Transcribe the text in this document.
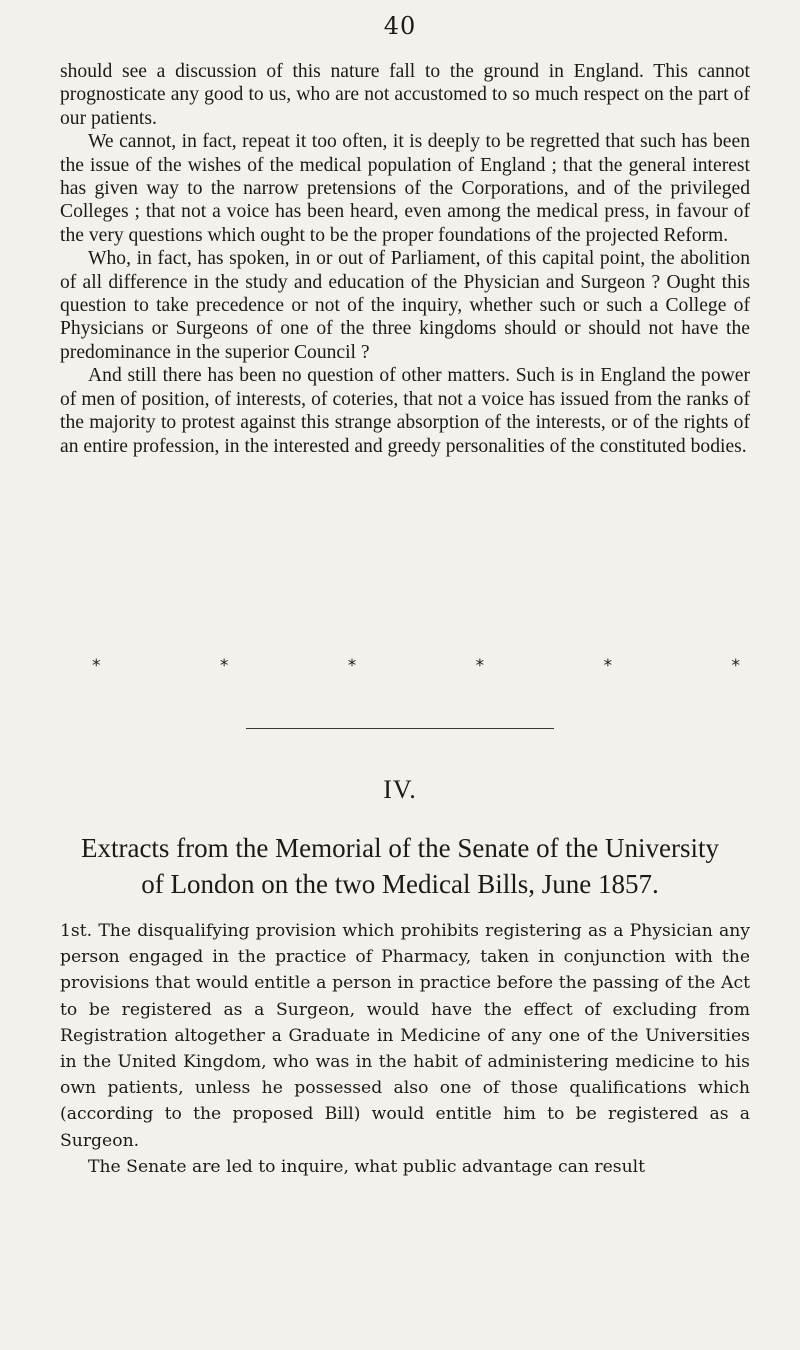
40

should see a discussion of this nature fall to the ground in England. This cannot prognosticate any good to us, who are not accustomed to so much respect on the part of our patients.

We cannot, in fact, repeat it too often, it is deeply to be regretted that such has been the issue of the wishes of the medical population of England ; that the general interest has given way to the narrow pretensions of the Corporations, and of the privileged Colleges ; that not a voice has been heard, even among the medical press, in favour of the very questions which ought to be the proper foundations of the projected Reform.

Who, in fact, has spoken, in or out of Parliament, of this capital point, the abolition of all difference in the study and education of the Physician and Surgeon ? Ought this question to take precedence or not of the inquiry, whether such or such a College of Physicians or Surgeons of one of the three kingdoms should or should not have the predominance in the superior Council ?

And still there has been no question of other matters. Such is in England the power of men of position, of interests, of coteries, that not a voice has issued from the ranks of the majority to protest against this strange absorption of the interests, or of the rights of an entire profession, in the interested and greedy personalities of the constituted bodies.

*	*	*	*	*	*
IV.
Extracts from the Memorial of the Senate of the University
of London on the two Medical Bills, June 1857.

1st. The disqualifying provision which prohibits registering as a Physician any person engaged in the practice of Pharmacy, taken in conjunction with the provisions that would entitle a person in practice before the passing of the Act to be registered as a Surgeon, would have the effect of excluding from Registration altogether a Graduate in Medicine of any one of the Universities in the United Kingdom, who was in the habit of administering medicine to his own patients, unless he possessed also one of those qualifications which (according to the proposed Bill) would entitle him to be registered as a Surgeon.

The Senate are led to inquire, what public advantage can result
